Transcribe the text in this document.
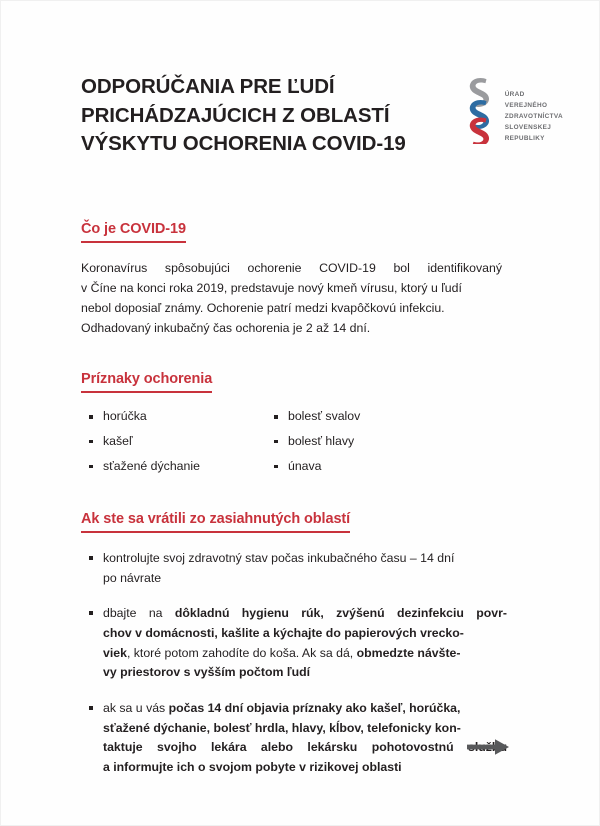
ODPORÚČANIA PRE ĽUDÍ
PRICHÁDZAJÚCICH Z OBLASTÍ
VÝSKYTU OCHORENIA COVID-19
ÚRAD
VEREJNÉHO
ZDRAVOTNÍCTVA
SLOVENSKEJ
REPUBLIKY
Čo je COVID-19
Koronavírus spôsobujúci ochorenie COVID-19 bol identifikovaný
v Číne na konci roka 2019, predstavuje nový kmeň vírusu, ktorý u ľudí
nebol doposiaľ známy. Ochorenie patrí medzi kvapôčkovú infekciu.
Odhadovaný inkubačný čas ochorenia je 2 až 14 dní.
Príznaky ochorenia
horúčka	bolesť svalov
kašeľ	bolesť hlavy
sťažené dýchanie	únava
Ak ste sa vrátili zo zasiahnutých oblastí
kontrolujte svoj zdravotný stav počas inkubačného času – 14 dní
po návrate
dbajte na dôkladnú hygienu rúk, zvýšenú dezinfekciu povr-
chov v domácnosti, kašlite a kýchajte do papierových vrecko-
viek, ktoré potom zahodíte do koša. Ak sa dá, obmedzte návšte-
vy priestorov s vyšším počtom ľudí
ak sa u vás počas 14 dní objavia príznaky ako kašeľ, horúčka,
sťažené dýchanie, bolesť hrdla, hlavy, kĺbov, telefonicky kon-
taktuje svojho lekára alebo lekársku pohotovostnú
a informujte ich o svojom pobyte v rizikovej oblasti
